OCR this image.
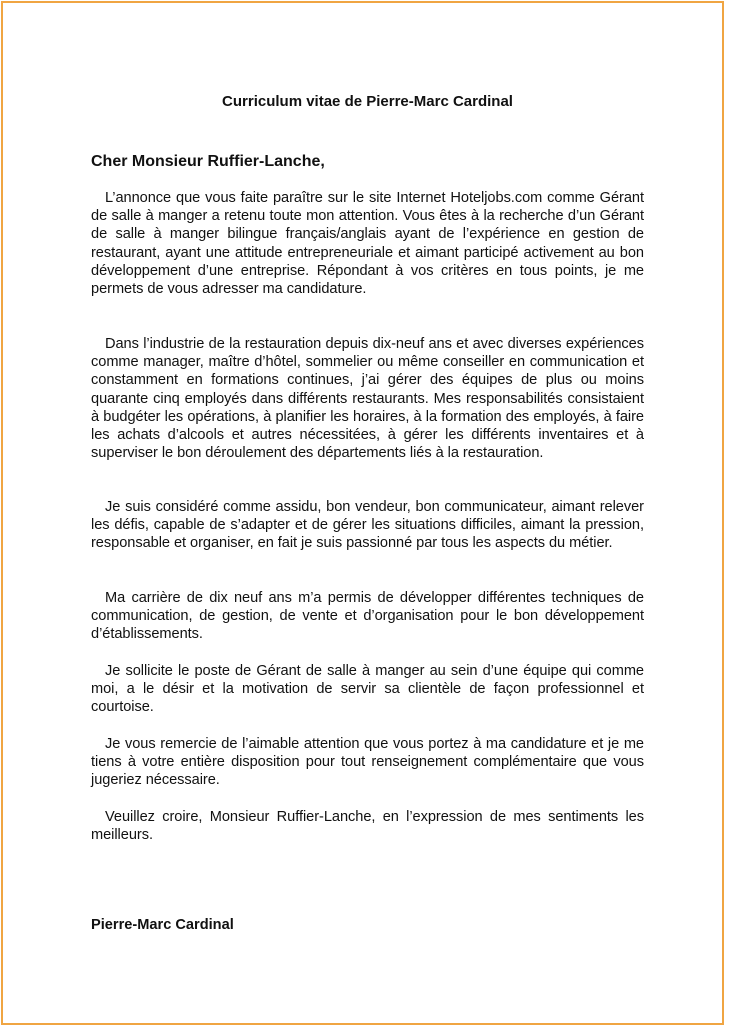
Curriculum vitae de Pierre-Marc Cardinal
Cher Monsieur Ruffier-Lanche,

L’annonce que vous faite paraître sur le site Internet Hoteljobs.com comme Gérant de salle à manger a retenu toute mon attention. Vous êtes à la recherche d’un Gérant de salle à manger bilingue français/anglais ayant de l’expérience en gestion de restaurant, ayant une attitude entrepreneuriale et aimant participé activement au bon développement d’une entreprise. Répondant à vos critères en tous points, je me permets de vous adresser ma candidature.

Dans l’industrie de la restauration depuis dix-neuf ans et avec diverses expériences comme manager, maître d’hôtel, sommelier ou même conseiller en communication et constamment en formations continues, j’ai gérer des équipes de plus ou moins quarante cinq employés dans différents restaurants. Mes responsabilités consistaient à budgéter les opérations, à planifier les horaires, à la formation des employés, à faire les achats d’alcools et autres nécessitées, à gérer les différents inventaires et à superviser le bon déroulement des départements liés à la restauration.

Je suis considéré comme assidu, bon vendeur, bon communicateur, aimant relever les défis, capable de s’adapter et de gérer les situations difficiles, aimant la pression, responsable et organiser, en fait je suis passionné par tous les aspects du métier.

Ma carrière de dix neuf ans m’a permis de développer différentes techniques de communication, de gestion, de vente et d’organisation pour le bon développement d’établissements.

Je sollicite le poste de Gérant de salle à manger au sein d’une équipe qui comme moi, a le désir et la motivation de servir sa clientèle de façon professionnel et courtoise.

Je vous remercie de l’aimable attention que vous portez à ma candidature et je me tiens à votre entière disposition pour tout renseignement complémentaire que vous jugeriez nécessaire.

Veuillez croire, Monsieur Ruffier-Lanche, en l’expression de mes sentiments les meilleurs.

Pierre-Marc Cardinal
